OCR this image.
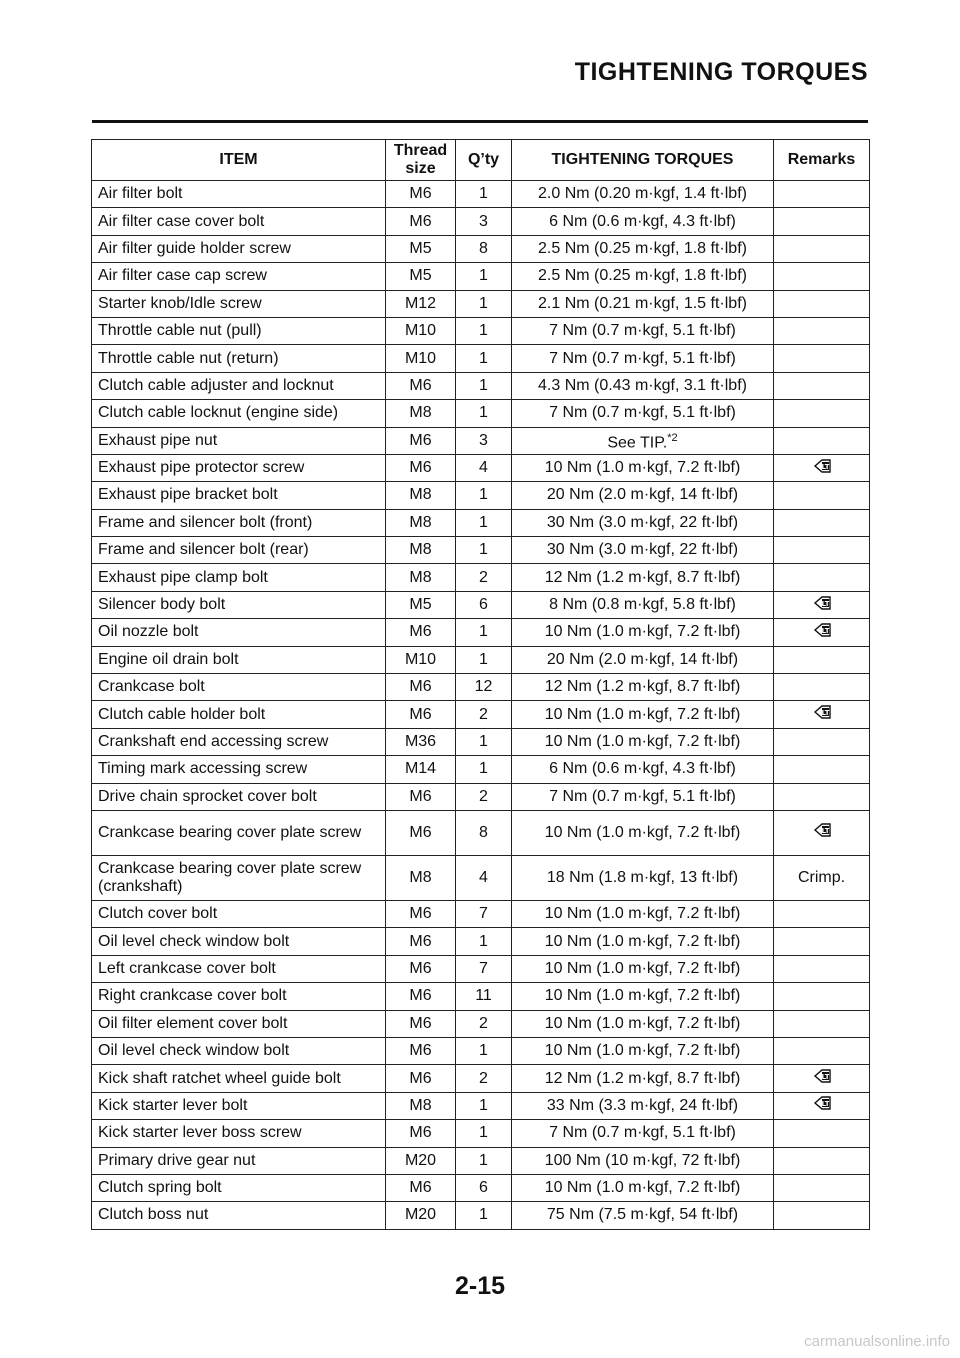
TIGHTENING TORQUES
ITEM	Thread size	Q’ty	TIGHTENING TORQUES	Remarks
Air filter bolt	M6	1	2.0 Nm (0.20 m·kgf, 1.4 ft·lbf)	
Air filter case cover bolt	M6	3	6 Nm (0.6 m·kgf, 4.3 ft·lbf)	
Air filter guide holder screw	M5	8	2.5 Nm (0.25 m·kgf, 1.8 ft·lbf)	
Air filter case cap screw	M5	1	2.5 Nm (0.25 m·kgf, 1.8 ft·lbf)	
Starter knob/Idle screw	M12	1	2.1 Nm (0.21 m·kgf, 1.5 ft·lbf)	
Throttle cable nut (pull)	M10	1	7 Nm (0.7 m·kgf, 5.1 ft·lbf)	
Throttle cable nut (return)	M10	1	7 Nm (0.7 m·kgf, 5.1 ft·lbf)	
Clutch cable adjuster and locknut	M6	1	4.3 Nm (0.43 m·kgf, 3.1 ft·lbf)	
Clutch cable locknut (engine side)	M8	1	7 Nm (0.7 m·kgf, 5.1 ft·lbf)	
Exhaust pipe nut	M6	3	See TIP.$^{*2}$	
Exhaust pipe protector screw	M6	4	10 Nm (1.0 m·kgf, 7.2 ft·lbf)	LT

Exhaust pipe bracket bolt	M8	1	20 Nm (2.0 m·kgf, 14 ft·lbf)	
Frame and silencer bolt (front)	M8	1	30 Nm (3.0 m·kgf, 22 ft·lbf)	
Frame and silencer bolt (rear)	M8	1	30 Nm (3.0 m·kgf, 22 ft·lbf)	
Exhaust pipe clamp bolt	M8	2	12 Nm (1.2 m·kgf, 8.7 ft·lbf)	
Silencer body bolt	M5	6	8 Nm (0.8 m·kgf, 5.8 ft·lbf)	LT

Oil nozzle bolt	M6	1	10 Nm (1.0 m·kgf, 7.2 ft·lbf)	LT

Engine oil drain bolt	M10	1	20 Nm (2.0 m·kgf, 14 ft·lbf)	
Crankcase bolt	M6	12	12 Nm (1.2 m·kgf, 8.7 ft·lbf)	
Clutch cable holder bolt	M6	2	10 Nm (1.0 m·kgf, 7.2 ft·lbf)	LT

Crankshaft end accessing screw	M36	1	10 Nm (1.0 m·kgf, 7.2 ft·lbf)	
Timing mark accessing screw	M14	1	6 Nm (0.6 m·kgf, 4.3 ft·lbf)	
Drive chain sprocket cover bolt	M6	2	7 Nm (0.7 m·kgf, 5.1 ft·lbf)	
Crankcase bearing cover plate screw	M6	8	10 Nm (1.0 m·kgf, 7.2 ft·lbf)	LT

Crankcase bearing cover plate screw (crankshaft)	M8	4	18 Nm (1.8 m·kgf, 13 ft·lbf)	Crimp.
Clutch cover bolt	M6	7	10 Nm (1.0 m·kgf, 7.2 ft·lbf)	
Oil level check window bolt	M6	1	10 Nm (1.0 m·kgf, 7.2 ft·lbf)	
Left crankcase cover bolt	M6	7	10 Nm (1.0 m·kgf, 7.2 ft·lbf)	
Right crankcase cover bolt	M6	11	10 Nm (1.0 m·kgf, 7.2 ft·lbf)	
Oil filter element cover bolt	M6	2	10 Nm (1.0 m·kgf, 7.2 ft·lbf)	
Oil level check window bolt	M6	1	10 Nm (1.0 m·kgf, 7.2 ft·lbf)	
Kick shaft ratchet wheel guide bolt	M6	2	12 Nm (1.2 m·kgf, 8.7 ft·lbf)	LT

Kick starter lever bolt	M8	1	33 Nm (3.3 m·kgf, 24 ft·lbf)	LT

Kick starter lever boss screw	M6	1	7 Nm (0.7 m·kgf, 5.1 ft·lbf)	
Primary drive gear nut	M20	1	100 Nm (10 m·kgf, 72 ft·lbf)	
Clutch spring bolt	M6	6	10 Nm (1.0 m·kgf, 7.2 ft·lbf)	
Clutch boss nut	M20	1	75 Nm (7.5 m·kgf, 54 ft·lbf)	
2-15
carmanualsonline.info
